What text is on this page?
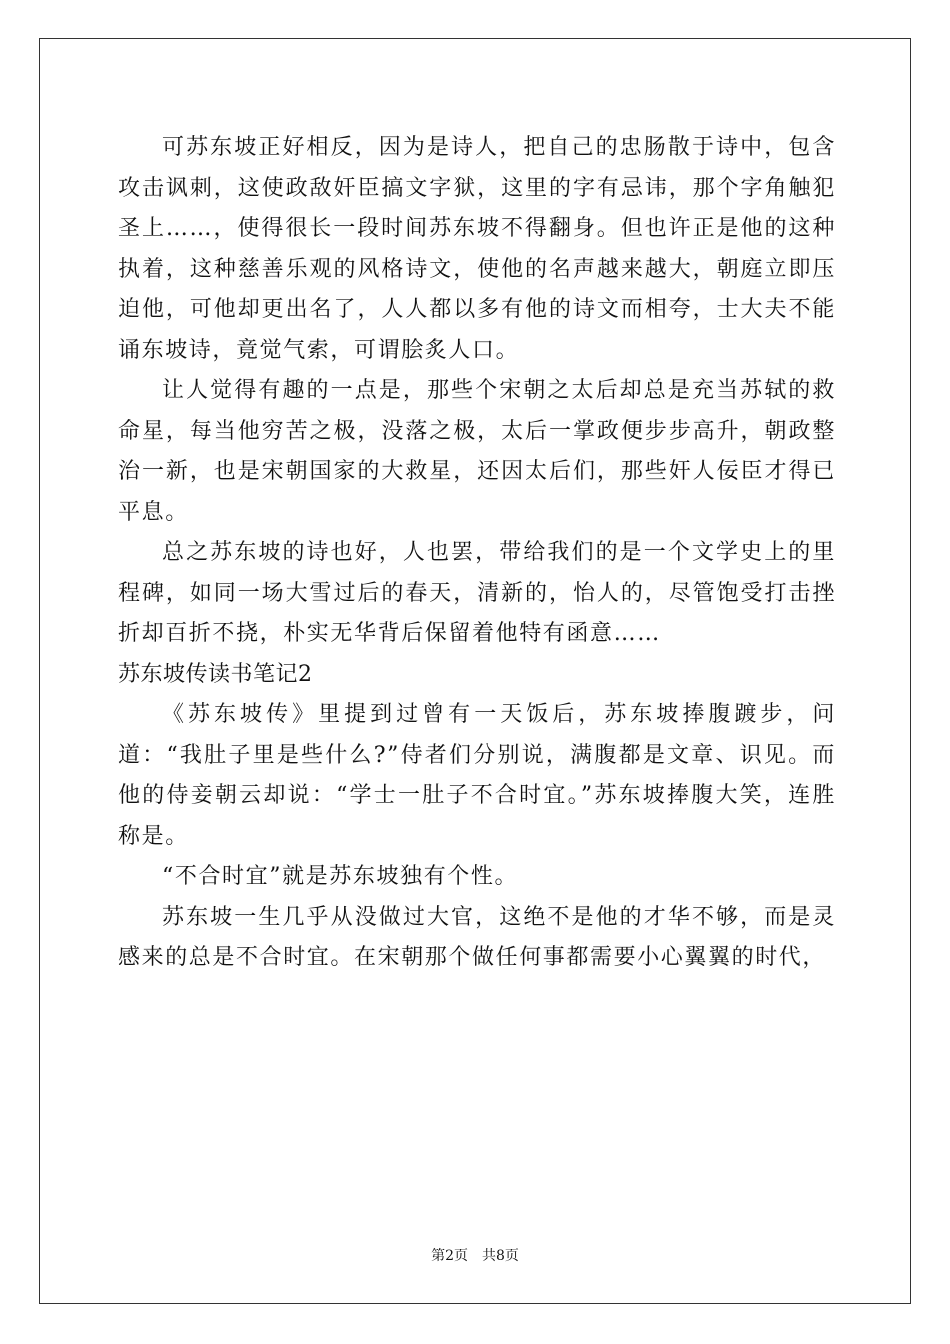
可苏东坡正好相反，因为是诗人，把自己的忠肠散于诗中，包含攻击讽刺，这使政敌奸臣搞文字狱，这里的字有忌讳，那个字角触犯圣上……，使得很长一段时间苏东坡不得翻身。但也许正是他的这种执着，这种慈善乐观的风格诗文，使他的名声越来越大，朝庭立即压迫他，可他却更出名了，人人都以多有他的诗文而相夸，士大夫不能诵东坡诗，竟觉气索，可谓脍炙人口。

让人觉得有趣的一点是，那些个宋朝之太后却总是充当苏轼的救命星，每当他穷苦之极，没落之极，太后一掌政便步步高升，朝政整治一新，也是宋朝国家的大救星，还因太后们，那些奸人佞臣才得已平息。

总之苏东坡的诗也好，人也罢，带给我们的是一个文学史上的里程碑，如同一场大雪过后的春天，清新的，怡人的，尽管饱受打击挫折却百折不挠，朴实无华背后保留着他特有函意……

苏东坡传读书笔记2

《苏东坡传》里提到过曾有一天饭后，苏东坡捧腹踱步，问道：“我肚子里是些什么?”侍者们分别说，满腹都是文章、识见。而他的侍妾朝云却说：“学士一肚子不合时宜。”苏东坡捧腹大笑，连胜称是。

“不合时宜”就是苏东坡独有个性。

苏东坡一生几乎从没做过大官，这绝不是他的才华不够，而是灵感来的总是不合时宜。在宋朝那个做任何事都需要小心翼翼的时代，

第2页 共8页
